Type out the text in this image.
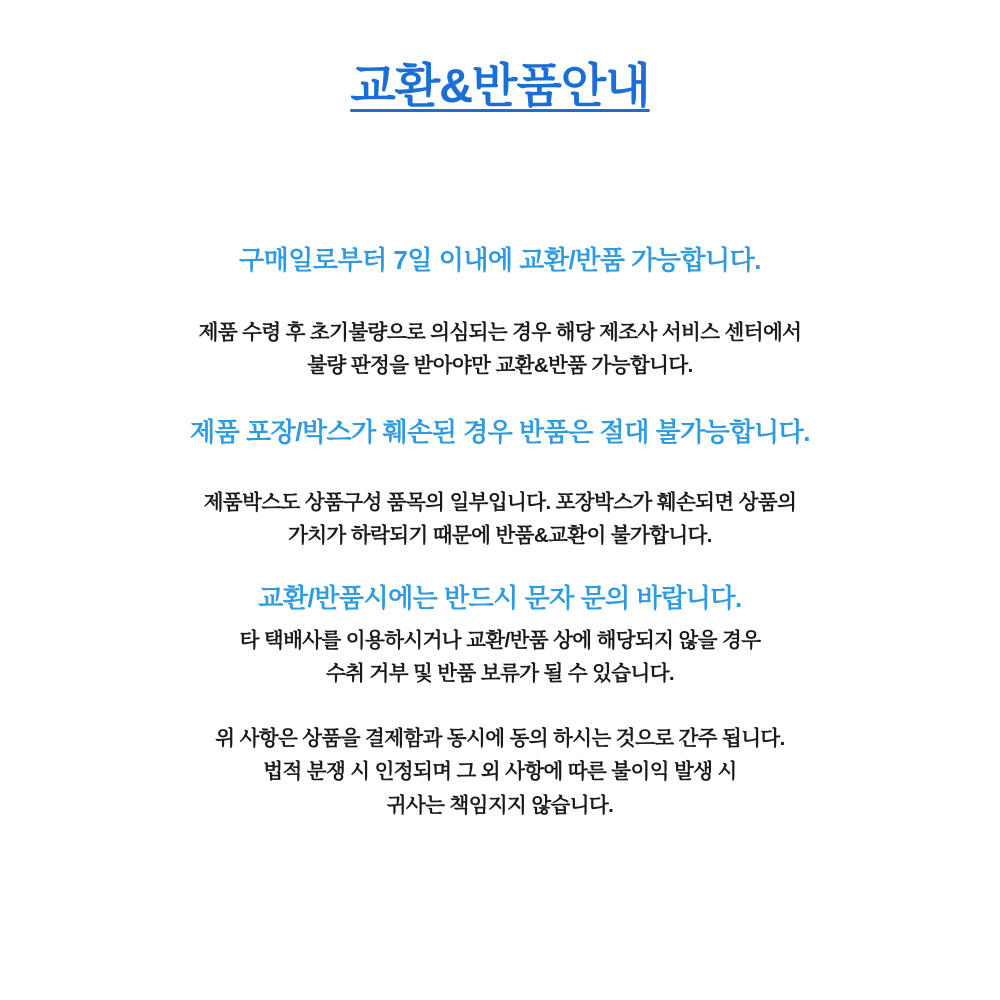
교환&반품안내
구매일로부터 7일 이내에 교환/반품 가능합니다.
제품 수령 후 초기불량으로 의심되는 경우 해당 제조사 서비스 센터에서
불량 판정을 받아야만 교환&반품 가능합니다.
제품 포장/박스가 훼손된 경우 반품은 절대 불가능합니다.
제품박스도 상품구성 품목의 일부입니다. 포장박스가 훼손되면 상품의
가치가 하락되기 때문에 반품&교환이 불가합니다.
교환/반품시에는 반드시 문자 문의 바랍니다.
타 택배사를 이용하시거나 교환/반품 상에 해당되지 않을 경우
수취 거부 및 반품 보류가 될 수 있습니다.
위 사항은 상품을 결제함과 동시에 동의 하시는 것으로 간주 됩니다.
법적 분쟁 시 인정되며 그 외 사항에 따른 불이익 발생 시
귀사는 책임지지 않습니다.
